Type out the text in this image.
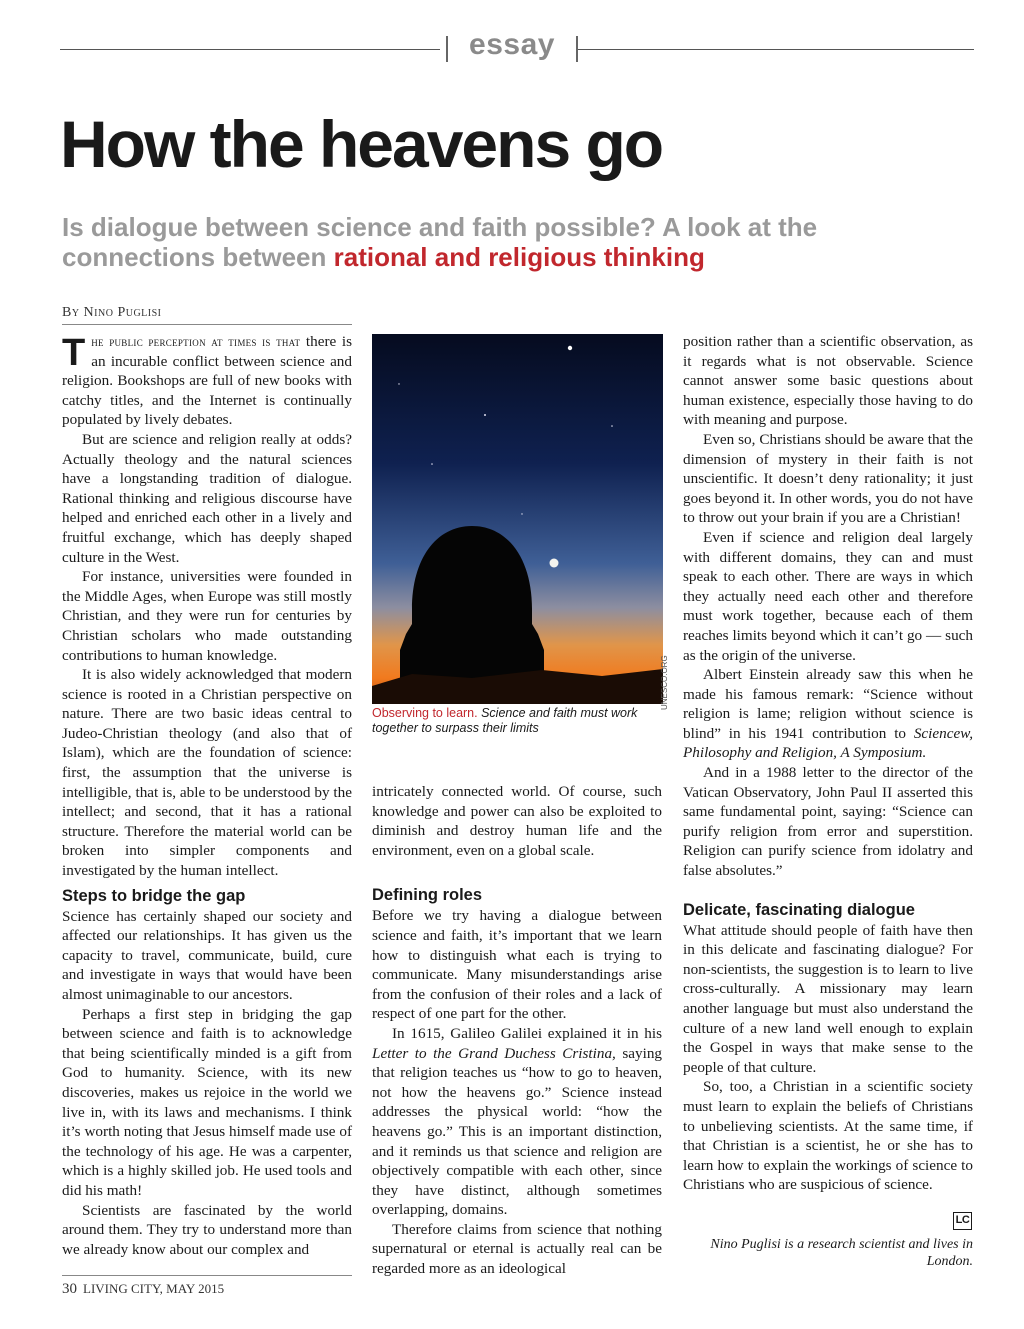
essay
How the heavens go

Is dialogue between science and faith possible? A look at the connections between rational and religious thinking

By Nino Puglisi

The public perception at times is that there is an incurable conflict between science and religion. Bookshops are full of new books with catchy titles, and the Internet is continually populated by lively debates.

But are science and religion really at odds? Actually theology and the natural sciences have a longstanding tradition of dialogue. Rational thinking and religious discourse have helped and enriched each other in a lively and fruitful exchange, which has deeply shaped culture in the West.

For instance, universities were founded in the Middle Ages, when Europe was still mostly Christian, and they were run for centuries by Christian scholars who made outstanding contributions to human knowledge.

It is also widely acknowledged that modern science is rooted in a Christian perspective on nature. There are two basic ideas central to Judeo-Christian theology (and also that of Islam), which are the foundation of science: first, the assumption that the universe is intelligible, that is, able to be understood by the intellect; and second, that it has a rational structure. Therefore the material world can be broken into simpler components and investigated by the human intellect.

Steps to bridge the gap

Science has certainly shaped our society and affected our relationships. It has given us the capacity to travel, communicate, build, cure and investigate in ways that would have been almost unimaginable to our ancestors.

Perhaps a first step in bridging the gap between science and faith is to acknowledge that being scientifically minded is a gift from God to humanity. Science, with its new discoveries, makes us rejoice in the world we live in, with its laws and mechanisms. I think it’s worth noting that Jesus himself made use of the technology of his age. He was a carpenter, which is a highly skilled job. He used tools and did his math!

Scientists are fascinated by the world around them. They try to understand more than we already know about our complex and

UNESCO.ORG

Observing to learn. Science and faith must work together to surpass their limits

intricately connected world. Of course, such knowledge and power can also be exploited to diminish and destroy human life and the environment, even on a global scale.

Defining roles

Before we try having a dialogue between science and faith, it’s important that we learn how to distinguish what each is trying to communicate. Many misunderstandings arise from the confusion of their roles and a lack of respect of one part for the other.

In 1615, Galileo Galilei explained it in his Letter to the Grand Duchess Cristina, saying that religion teaches us “how to go to heaven, not how the heavens go.” Science instead addresses the physical world: “how the heavens go.” This is an important distinction, and it reminds us that science and religion are objectively compatible with each other, since they have distinct, although sometimes overlapping, domains.

Therefore claims from science that nothing supernatural or eternal is actually real can be regarded more as an ideological

position rather than a scientific observation, as it regards what is not observable. Science cannot answer some basic questions about human existence, especially those having to do with meaning and purpose.

Even so, Christians should be aware that the dimension of mystery in their faith is not unscientific. It doesn’t deny rationality; it just goes beyond it. In other words, you do not have to throw out your brain if you are a Christian!

Even if science and religion deal largely with different domains, they can and must speak to each other. There are ways in which they actually need each other and therefore must work together, because each of them reaches limits beyond which it can’t go — such as the origin of the universe.

Albert Einstein already saw this when he made his famous remark: “Science without religion is lame; religion without science is blind” in his 1941 contribution to Sciencew, Philosophy and Religion, A Symposium.

And in a 1988 letter to the director of the Vatican Observatory, John Paul II asserted this same fundamental point, saying: “Science can purify religion from error and superstition. Religion can purify science from idolatry and false absolutes.”

Delicate, fascinating dialogue

What attitude should people of faith have then in this delicate and fascinating dialogue? For non-scientists, the suggestion is to learn to live cross-culturally. A missionary may learn another language but must also understand the culture of a new land well enough to explain the Gospel in ways that make sense to the people of that culture.

So, too, a Christian in a scientific society must learn to explain the beliefs of Christians to unbelieving scientists. At the same time, if that Christian is a scientist, he or she has to learn how to explain the workings of science to Christians who are suspicious of science.

LC

Nino Puglisi is a research scientist and lives in London.

30 LIVING CITY, MAY 2015
